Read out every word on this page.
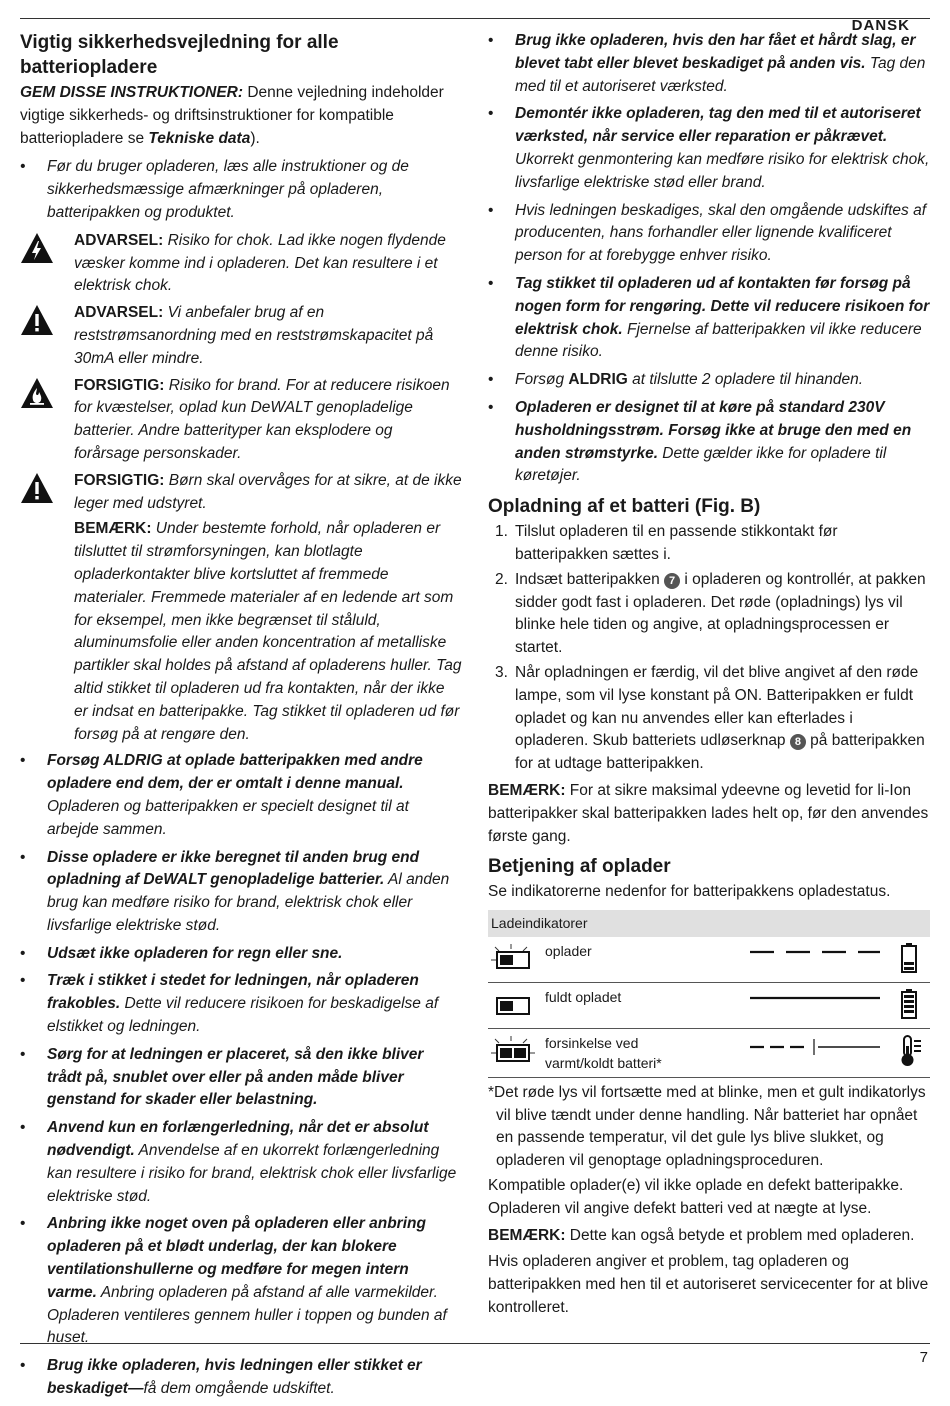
DANSK
Vigtig sikkerhedsvejledning for alle batteriopladere

GEM DISSE INSTRUKTIONER: Denne vejledning indeholder vigtige sikkerheds- og driftsinstruktioner for kompatible batteriopladere se Tekniske data).

• Før du bruger opladeren, læs alle instruktioner og de sikkerhedsmæssige afmærkninger på opladeren, batteripakken og produktet.
ADVARSEL: Risiko for chok. Lad ikke nogen flydende væsker komme ind i opladeren. Det kan resultere i et elektrisk chok.
ADVARSEL: Vi anbefaler brug af en reststrømsanordning med en reststrømskapacitet på 30mA eller mindre.
FORSIGTIG: Risiko for brand. For at reducere risikoen for kvæstelser, oplad kun DeWALT genopladelige batterier. Andre batterityper kan eksplodere og forårsage personskader.
FORSIGTIG: Børn skal overvåges for at sikre, at de ikke leger med udstyret.
BEMÆRK: Under bestemte forhold, når opladeren er tilsluttet til strømforsyningen, kan blotlagte opladerkontakter blive kortsluttet af fremmede materialer. Fremmede materialer af en ledende art som for eksempel, men ikke begrænset til ståluld, aluminumsfolie eller anden koncentration af metalliske partikler skal holdes på afstand af opladerens huller. Tag altid stikket til opladeren ud fra kontakten, når der ikke er indsat en batteripakke. Tag stikket til opladeren ud før forsøg på at rengøre den.
• Forsøg ALDRIG at oplade batteripakken med andre opladere end dem, der er omtalt i denne manual. Opladeren og batteripakken er specielt designet til at arbejde sammen.
• Disse opladere er ikke beregnet til anden brug end opladning af DeWALT genopladelige batterier. Al anden brug kan medføre risiko for brand, elektrisk chok eller livsfarlige elektriske stød.
• Udsæt ikke opladeren for regn eller sne.
• Træk i stikket i stedet for ledningen, når opladeren frakobles. Dette vil reducere risikoen for beskadigelse af elstikket og ledningen.
• Sørg for at ledningen er placeret, så den ikke bliver trådt på, snublet over eller på anden måde bliver genstand for skader eller belastning.
• Anvend kun en forlængerledning, når det er absolut nødvendigt. Anvendelse af en ukorrekt forlængerledning kan resultere i risiko for brand, elektrisk chok eller livsfarlige elektriske stød.
• Anbring ikke noget oven på opladeren eller anbring opladeren på et blødt underlag, der kan blokere ventilationshullerne og medføre for megen intern varme. Anbring opladeren på afstand af alle varmekilder. Opladeren ventileres gennem huller i toppen og bunden af huset.
• Brug ikke opladeren, hvis ledningen eller stikket er beskadiget—få dem omgående udskiftet.
• Brug ikke opladeren, hvis den har fået et hårdt slag, er blevet tabt eller blevet beskadiget på anden vis. Tag den med til et autoriseret værksted.
• Demontér ikke opladeren, tag den med til et autoriseret værksted, når service eller reparation er påkrævet. Ukorrekt genmontering kan medføre risiko for elektrisk chok, livsfarlige elektriske stød eller brand.
• Hvis ledningen beskadiges, skal den omgående udskiftes af producenten, hans forhandler eller lignende kvalificeret person for at forebygge enhver risiko.
• Tag stikket til opladeren ud af kontakten før forsøg på nogen form for rengøring. Dette vil reducere risikoen for elektrisk chok. Fjernelse af batteripakken vil ikke reducere denne risiko.
• Forsøg ALDRIG at tilslutte 2 opladere til hinanden.
• Opladeren er designet til at køre på standard 230V husholdningsstrøm. Forsøg ikke at bruge den med en anden strømstyrke. Dette gælder ikke for opladere til køretøjer.
Opladning af et batteri (Fig. B)
1. Tilslut opladeren til en passende stikkontakt før batteripakken sættes i.
2. Indsæt batteripakken 7 i opladeren og kontrollér, at pakken sidder godt fast i opladeren. Det røde (opladnings) lys vil blinke hele tiden og angive, at opladningsprocessen er startet.
3. Når opladningen er færdig, vil det blive angivet af den røde lampe, som vil lyse konstant på ON. Batteripakken er fuldt opladet og kan nu anvendes eller kan efterlades i opladeren. Skub batteriets udløserknap 8 på batteripakken for at udtage batteripakken.

BEMÆRK: For at sikre maksimal ydeevne og levetid for li-Ion batteripakker skal batteripakken lades helt op, før den anvendes første gang.

Betjening af oplader

Se indikatorerne nedenfor for batteripakkens opladestatus.

Ladeindikatorer
oplader
fuldt opladet
forsinkelse ved
varmt/koldt batteri*

*Det røde lys vil fortsætte med at blinke, men et gult indikatorlys vil blive tændt under denne handling. Når batteriet har opnået en passende temperatur, vil det gule lys blive slukket, og opladeren vil genoptage opladningsproceduren.

Kompatible oplader(e) vil ikke oplade en defekt batteripakke. Opladeren vil angive defekt batteri ved at nægte at lyse.

BEMÆRK: Dette kan også betyde et problem med opladeren.

Hvis opladeren angiver et problem, tag opladeren og batteripakken med hen til et autoriseret servicecenter for at blive kontrolleret.

7
